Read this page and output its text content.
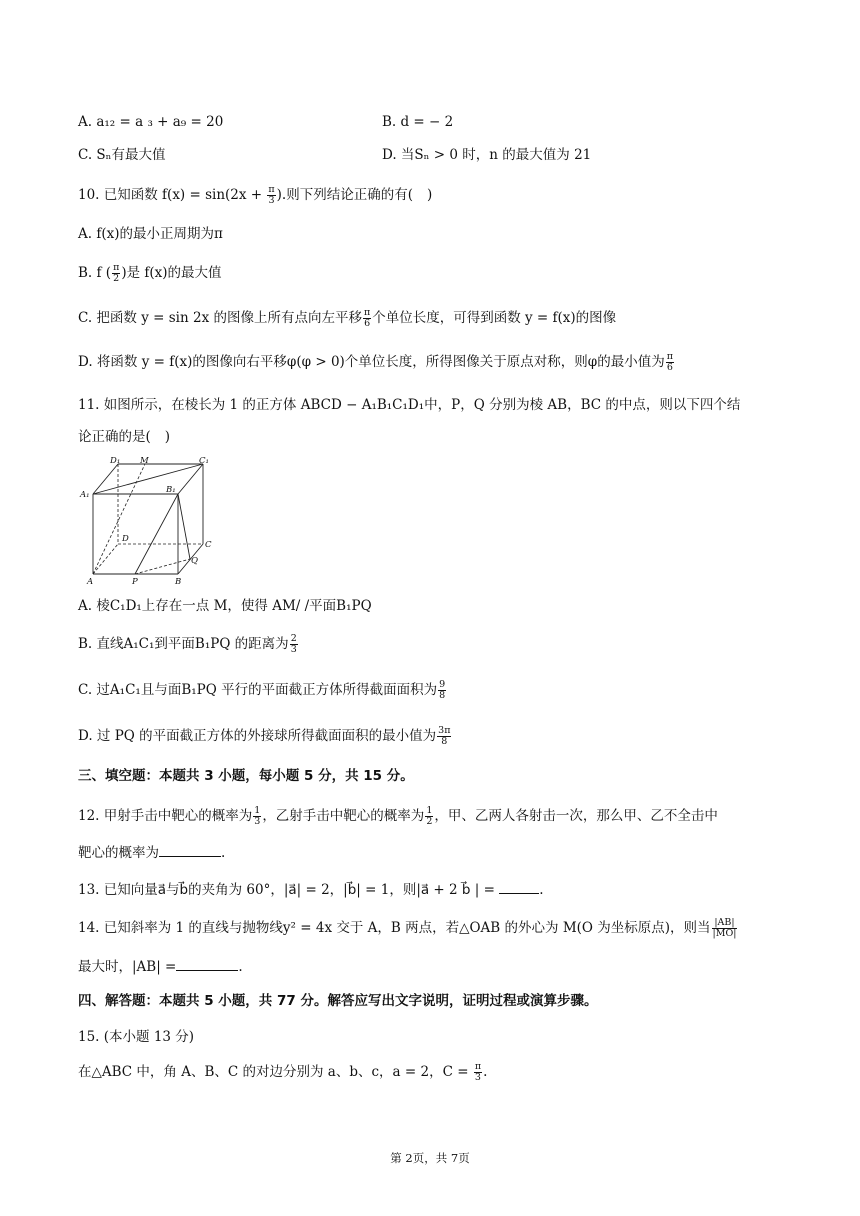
A. a₁₂ = a ₃ + a₉ = 20	B. d = − 2
C. Sₙ有最大值	D. 当Sₙ > 0 时，n 的最大值为 21
10. 已知函数 $f(x) = \sin(2x + \frac{\pi}{3}$ ).则下列结论正确的有( )
A. f(x)的最小正周期为π
B. f ( $\frac{\pi}{2}$ )是 f(x)的最大值
C. 把函数 y = sin 2x 的图像上所有点向左平移 $\frac{\pi}{6}$ 个单位长度，可得到函数 y = f(x)的图像
D. 将函数 y = f(x)的图像向右平移φ(φ > 0)个单位长度，所得图像关于原点对称，则φ的最小值为 $\frac{\pi}{6}$
11. 如图所示，在棱长为 1 的正方体 ABCD − A₁B₁C₁D₁中，P，Q 分别为棱 AB，BC 的中点，则以下四个结
论正确的是( )
D₁ M	C₁
A₁	B₁
D
C
Q
A	P	B
A. 棱C₁D₁上存在一点 M，使得 AM/ /平面B₁PQ
B. 直线A₁C₁到平面B₁PQ 的距离为 $\frac{2}{3}$
C. 过A₁C₁且与面B₁PQ 平行的平面截正方体所得截面面积为 $\frac{9}{8}$
D. 过 PQ 的平面截正方体的外接球所得截面面积的最小值为 $\frac{3\pi}{8}$
三、填空题：本题共 3 小题，每小题 5 分，共 15 分。
12. 甲射手击中靶心的概率为 $\frac{1}{3}$ ，乙射手击中靶心的概率为 $\frac{1}{2}$ ，甲、乙两人各射击一次，那么甲、乙不全击中
靶心的概率为	.
13. 已知向量a⃗与b⃗的夹角为 60°，|a⃗| = 2，|b⃗| = 1，则|a⃗ + 2 b⃗ | =	.
14. 已知斜率为 1 的直线与抛物线y² = 4x 交于 A，B 两点，若△OAB 的外心为 M(O 为坐标原点)，则当 $\frac{|AB|}{|MO|}$
最大时，|AB| =	.
四、解答题：本题共 5 小题，共 77 分。解答应写出文字说明，证明过程或演算步骤。
15. (本小题 13 分)
在△ABC 中，角 A、B、C 的对边分别为 a、b、c，a = 2，$C = \frac{\pi}{3}$ .
第 2页，共 7页
